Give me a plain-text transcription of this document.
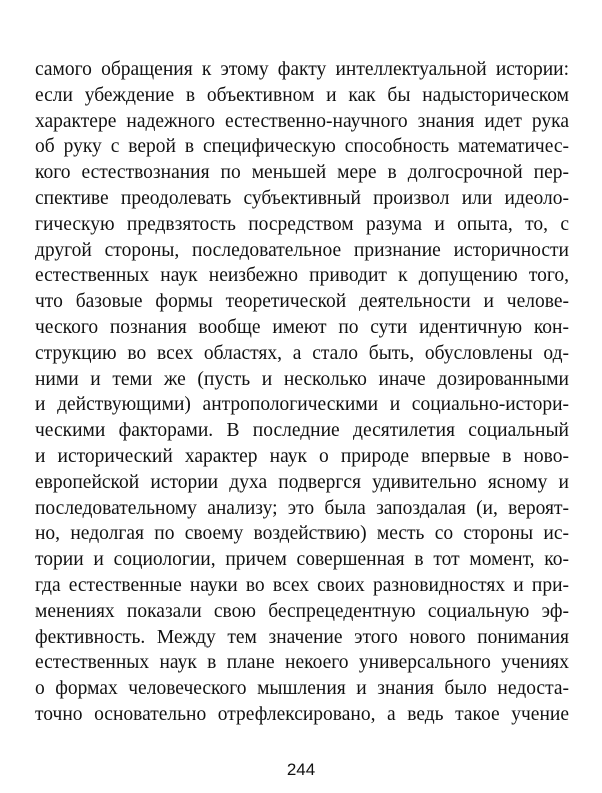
самого обращения к этому факту интеллектуальной истории:
если убеждение в объективном и как бы надысторическом
характере надежного естественно-научного знания идет рука
об руку с верой в специфическую способность математичес-
кого естествознания по меньшей мере в долгосрочной пер-
спективе преодолевать субъективный произвол или идеоло-
гическую предвзятость посредством разума и опыта, то, с
другой стороны, последовательное признание историчности
естественных наук неизбежно приводит к допущению того,
что базовые формы теоретической деятельности и челове-
ческого познания вообще имеют по сути идентичную кон-
струкцию во всех областях, а стало быть, обусловлены од-
ними и теми же (пусть и несколько иначе дозированными
и действующими) антропологическими и социально-истори-
ческими факторами. В последние десятилетия социальный
и исторический характер наук о природе впервые в ново-
европейской истории духа подвергся удивительно ясному и
последовательному анализу; это была запоздалая (и, вероят-
но, недолгая по своему воздействию) месть со стороны ис-
тории и социологии, причем совершенная в тот момент, ко-
гда естественные науки во всех своих разновидностях и при-
менениях показали свою беспрецедентную социальную эф-
фективность. Между тем значение этого нового понимания
естественных наук в плане некоего универсального учениях
о формах человеческого мышления и знания было недоста-
точно основательно отрефлексировано, а ведь такое учение
244
